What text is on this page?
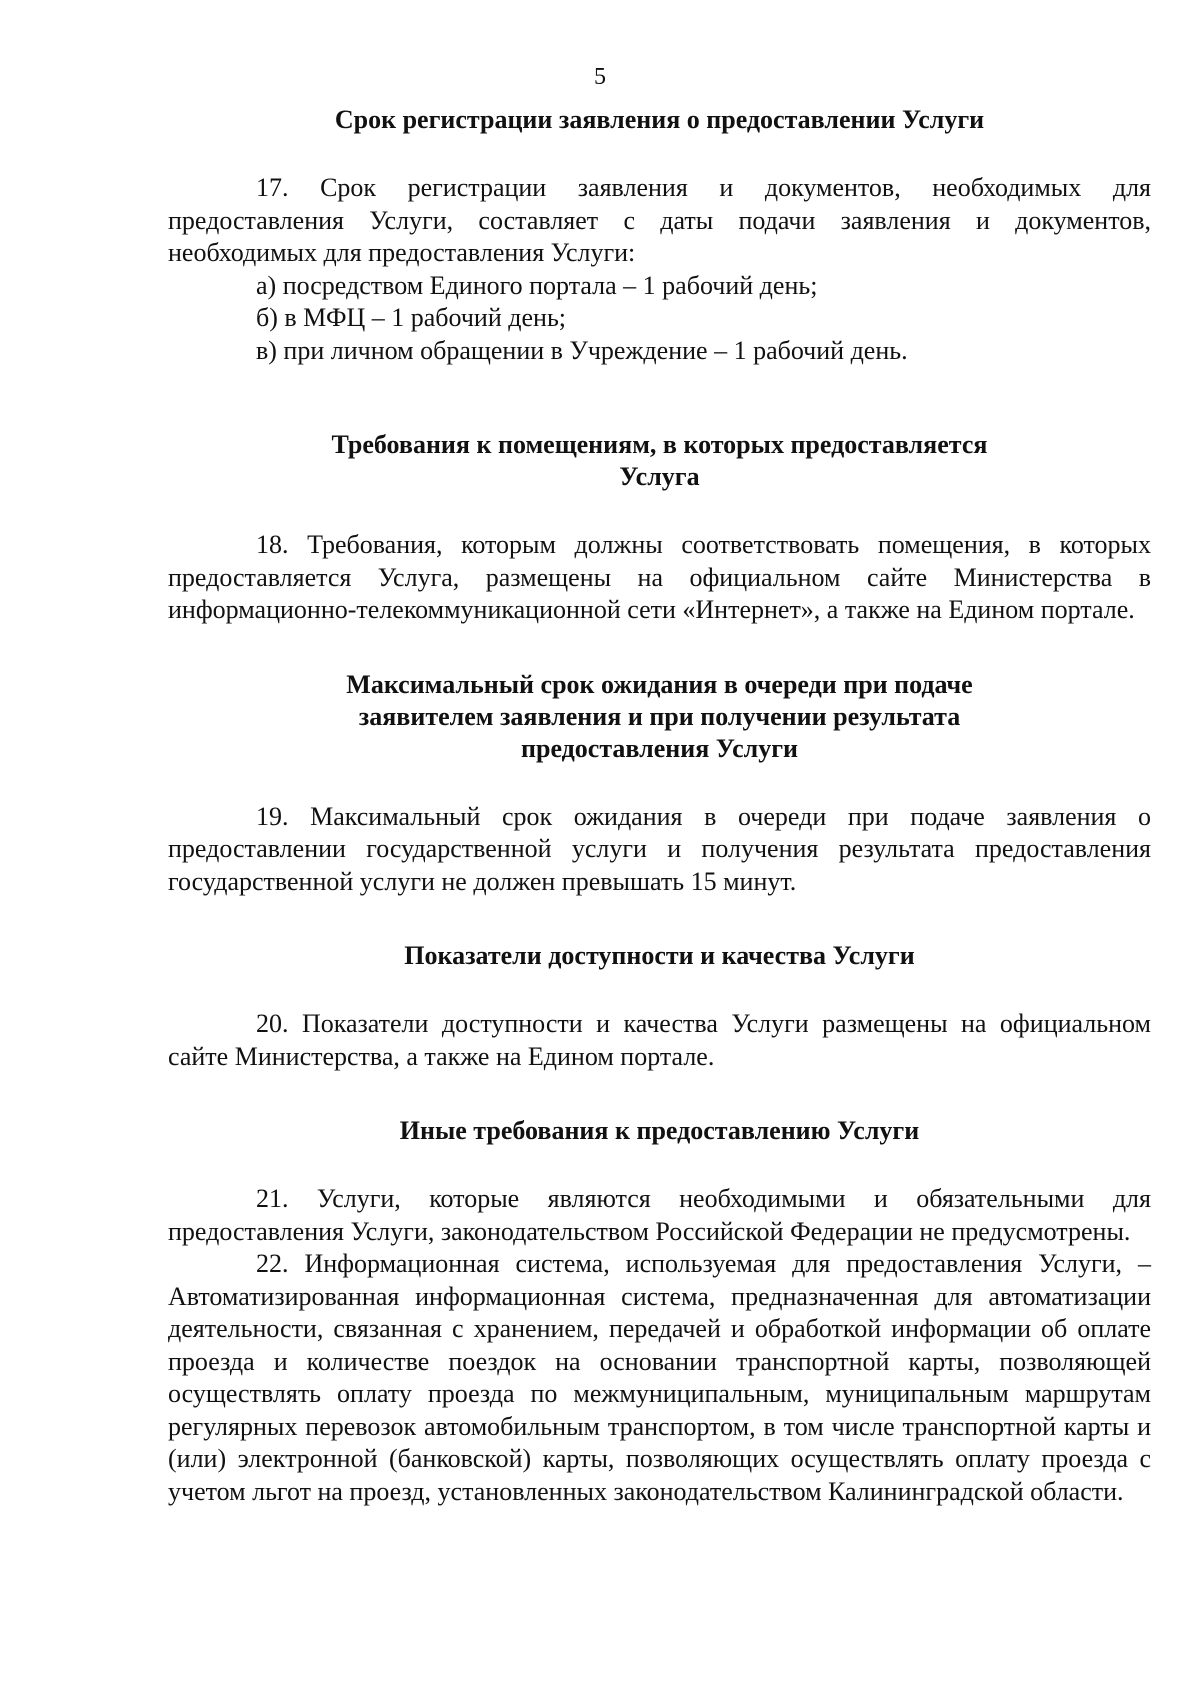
5
Срок регистрации заявления о предоставлении Услуги

17. Срок регистрации заявления и документов, необходимых для предоставления Услуги, составляет с даты подачи заявления и документов, необходимых для предоставления Услуги:

а) посредством Единого портала – 1 рабочий день;

б) в МФЦ – 1 рабочий день;

в) при личном обращении в Учреждение – 1 рабочий день.

Требования к помещениям, в которых предоставляется
Услуга

18. Требования, которым должны соответствовать помещения, в которых предоставляется Услуга, размещены на официальном сайте Министерства в информационно-телекоммуникационной сети «Интернет», а также на Едином портале.

Максимальный срок ожидания в очереди при подаче
заявителем заявления и при получении результата
предоставления Услуги

19. Максимальный срок ожидания в очереди при подаче заявления о предоставлении государственной услуги и получения результата предоставления государственной услуги не должен превышать 15 минут.

Показатели доступности и качества Услуги

20. Показатели доступности и качества Услуги размещены на официальном сайте Министерства, а также на Едином портале.

Иные требования к предоставлению Услуги

21. Услуги, которые являются необходимыми и обязательными для предоставления Услуги, законодательством Российской Федерации не предусмотрены.

22. Информационная система, используемая для предоставления Услуги, – Автоматизированная информационная система, предназначенная для автоматизации деятельности, связанная с хранением, передачей и обработкой информации об оплате проезда и количестве поездок на основании транспортной карты, позволяющей осуществлять оплату проезда по межмуниципальным, муниципальным маршрутам регулярных перевозок автомобильным транспортом, в том числе транспортной карты и (или) электронной (банковской) карты, позволяющих осуществлять оплату проезда с учетом льгот на проезд, установленных законодательством Калининградской области.
